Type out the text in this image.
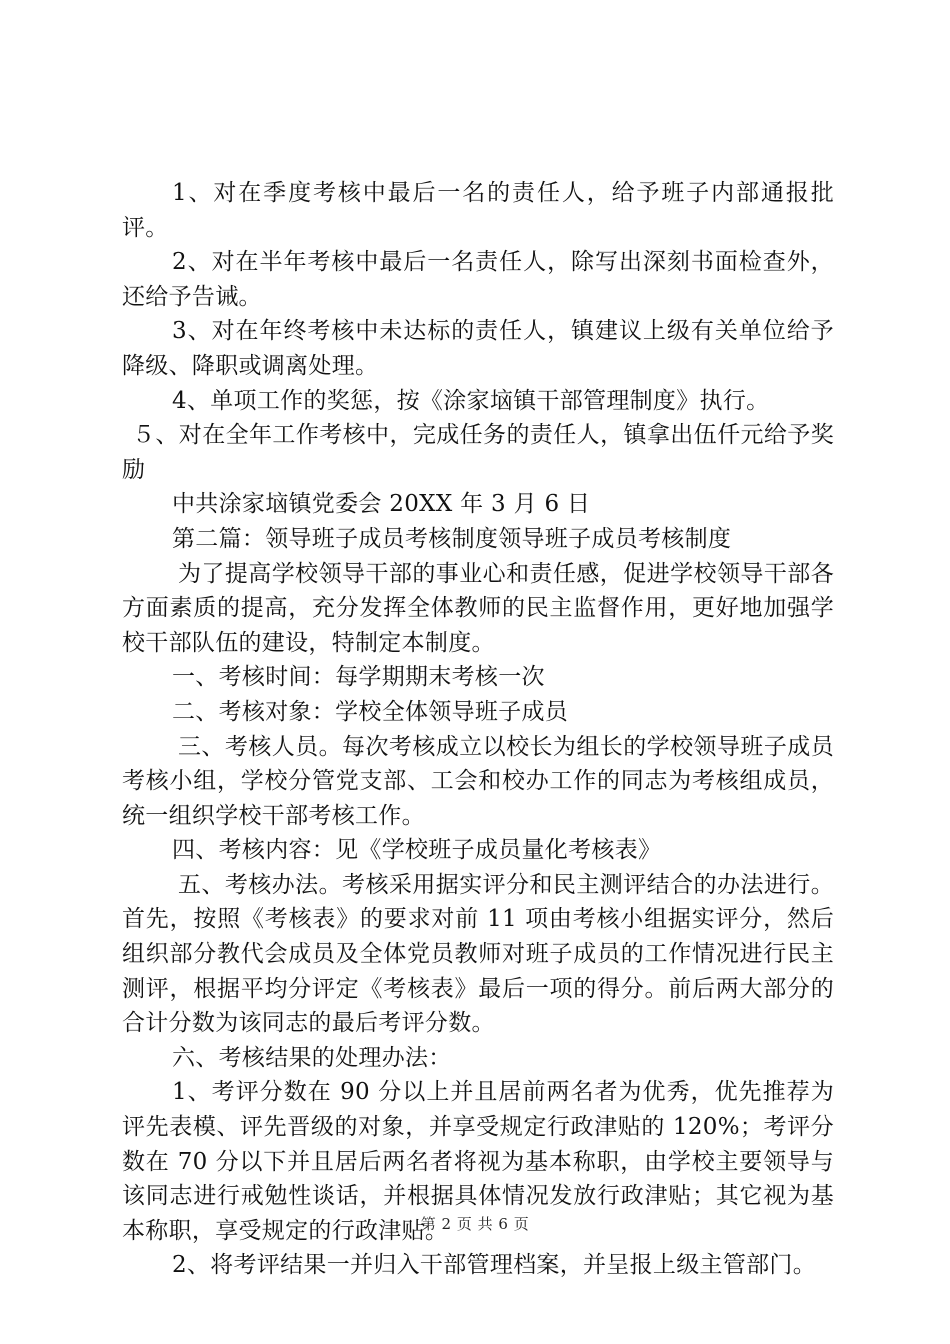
1、对在季度考核中最后一名的责任人，给予班子内部通报批评。

2、对在半年考核中最后一名责任人，除写出深刻书面检查外，还给予告诫。

3、对在年终考核中未达标的责任人，镇建议上级有关单位给予降级、降职或调离处理。

4、单项工作的奖惩，按《涂家垴镇干部管理制度》执行。

５、对在全年工作考核中，完成任务的责任人，镇拿出伍仟元给予奖励

中共涂家垴镇党委会 20XX 年 3 月 6 日

第二篇：领导班子成员考核制度领导班子成员考核制度

为了提高学校领导干部的事业心和责任感，促进学校领导干部各方面素质的提高，充分发挥全体教师的民主监督作用，更好地加强学校干部队伍的建设，特制定本制度。

一、考核时间：每学期期末考核一次

二、考核对象：学校全体领导班子成员

三、考核人员。每次考核成立以校长为组长的学校领导班子成员考核小组，学校分管党支部、工会和校办工作的同志为考核组成员，统一组织学校干部考核工作。

四、考核内容：见《学校班子成员量化考核表》

五、考核办法。考核采用据实评分和民主测评结合的办法进行。首先，按照《考核表》的要求对前 11 项由考核小组据实评分，然后组织部分教代会成员及全体党员教师对班子成员的工作情况进行民主测评，根据平均分评定《考核表》最后一项的得分。前后两大部分的合计分数为该同志的最后考评分数。

六、考核结果的处理办法：

1、考评分数在 90 分以上并且居前两名者为优秀，优先推荐为评先表模、评先晋级的对象，并享受规定行政津贴的 120%；考评分数在 70 分以下并且居后两名者将视为基本称职，由学校主要领导与该同志进行戒勉性谈话，并根据具体情况发放行政津贴；其它视为基本称职，享受规定的行政津贴。

2、将考评结果一并归入干部管理档案，并呈报上级主管部门。

第 2 页 共 6 页
